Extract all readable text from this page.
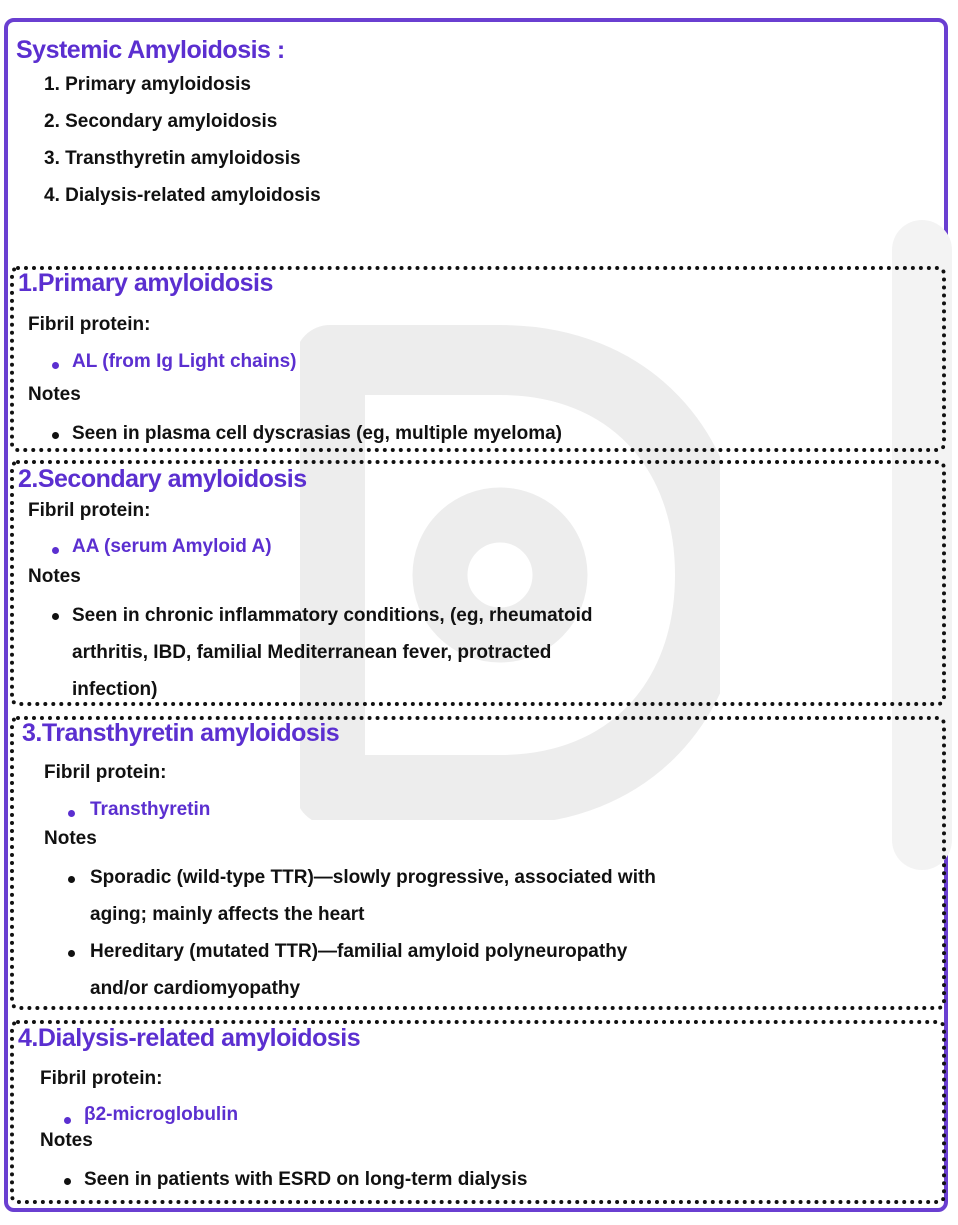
Systemic Amyloidosis :
1. Primary amyloidosis
2. Secondary amyloidosis
3. Transthyretin amyloidosis
4. Dialysis-related amyloidosis
1.Primary amyloidosis
Fibril protein:
AL (from Ig Light chains)
Notes
Seen in plasma cell dyscrasias (eg, multiple myeloma)
2.Secondary amyloidosis
Fibril protein:
AA (serum Amyloid A)
Notes
Seen in chronic inflammatory conditions, (eg, rheumatoid
arthritis, IBD, familial Mediterranean fever, protracted
infection)
3.Transthyretin amyloidosis
Fibril protein:
Transthyretin
Notes
Sporadic (wild-type TTR)—slowly progressive, associated with
aging; mainly affects the heart
Hereditary (mutated TTR)—familial amyloid polyneuropathy
and/or cardiomyopathy
4.Dialysis-related amyloidosis
Fibril protein:
β2-microglobulin
Notes
Seen in patients with ESRD on long-term dialysis
